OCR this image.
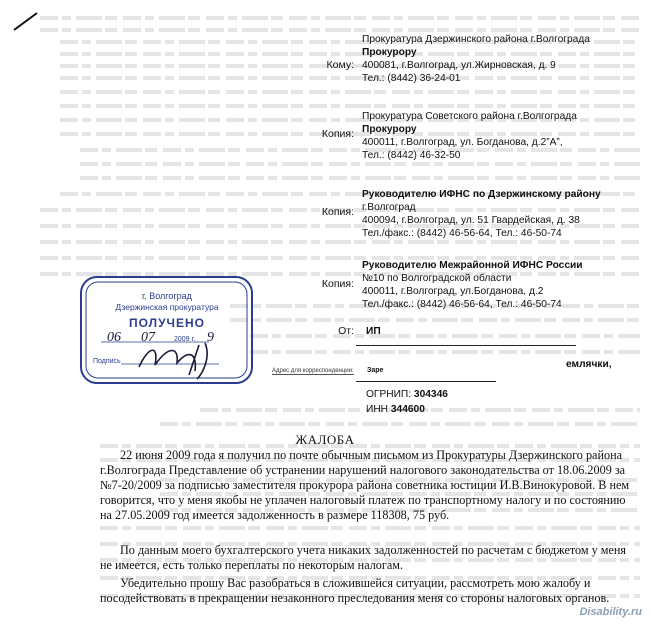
Кому:
Прокуратура Дзержинского района г.Волгограда
Прокурору
400081, г.Волгоград, ул.Жирновская, д. 9
Тел.: (8442) 36-24-01
Копия:
Прокуратура Советского района г.Волгограда
Прокурору
400011, г.Волгоград, ул. Богданова, д.2”А”,
Тел.: (8442) 46-32-50
Копия:
Руководителю ИФНС по Дзержинскому району
г.Волгоград
400094, г.Волгоград, ул. 51 Гвардейская, д. 38
Тел./факс.: (8442) 46-56-64, Тел.: 46-50-74
Копия:
Руководителю Межрайонной ИФНС России
№10 по Волгоградской области
400011, г.Волгоград, ул.Богданова, д.2
Тел./факс.: (8442) 46-56-64, Тел.: 46-50-74
От: ИП
Адрес для корреспонденции: Заре
емлячки,
ОГРНИП: 304346
ИНН 344600
г. Волгоград
Дзержинская прокуратура
ПОЛУЧЕНО
06 07	2009 г. 9
Подпись
ЖАЛОБА
22 июня 2009 года я получил по почте обычным письмом из Прокуратуры Дзержинского района г.Волгограда Представление об устранении нарушений налогового законодательства от 18.06.2009 за №7-20/2009 за подписью заместителя прокурора района советника юстиции И.В.Винокуровой. В нем говорится, что у меня якобы не уплачен налоговый платеж по транспортному налогу и по состоянию на 27.05.2009 год имеется задолженность в размере 118308, 75 руб.
По данным моего бухгалтерского учета никаких задолженностей по расчетам с бюджетом у меня не имеется, есть только переплаты по некоторым налогам.
Убедительно прошу Вас разобраться в сложившейся ситуации, рассмотреть мою жалобу и посодействовать в прекращении незаконного преследования меня со стороны налоговых органов.
Disability.ru
